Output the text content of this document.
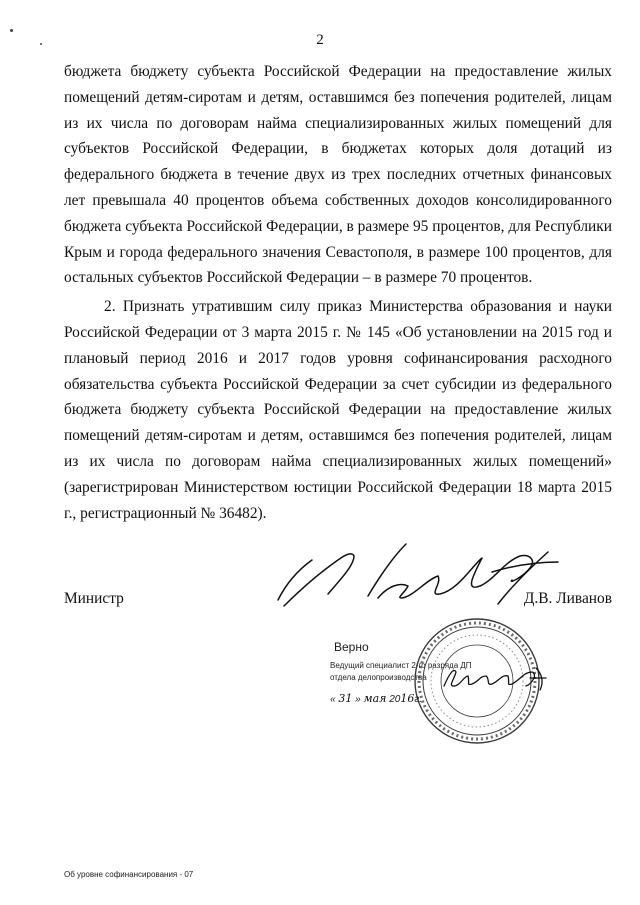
2

бюджета бюджету субъекта Российской Федерации на предоставление жилых помещений детям-сиротам и детям, оставшимся без попечения родителей, лицам из их числа по договорам найма специализированных жилых помещений для субъектов Российской Федерации, в бюджетах которых доля дотаций из федерального бюджета в течение двух из трех последних отчетных финансовых лет превышала 40 процентов объема собственных доходов консолидированного бюджета субъекта Российской Федерации, в размере 95 процентов, для Республики Крым и города федерального значения Севастополя, в размере 100 процентов, для остальных субъектов Российской Федерации – в размере 70 процентов.

2. Признать утратившим силу приказ Министерства образования и науки Российской Федерации от 3 марта 2015 г. № 145 «Об установлении на 2015 год и плановый период 2016 и 2017 годов уровня софинансирования расходного обязательства субъекта Российской Федерации за счет субсидии из федерального бюджета бюджету субъекта Российской Федерации на предоставление жилых помещений детям-сиротам и детям, оставшимся без попечения родителей, лицам из их числа по договорам найма специализированных жилых помещений» (зарегистрирован Министерством юстиции Российской Федерации 18 марта 2015 г., регистрационный № 36482).

Министр	Д.В. Ливанов
Верно
Ведущий специалист 2-го разряда ДП
отдела делопроизводства
« 31 » мая 2016г.
Об уровне софинансирования - 07
